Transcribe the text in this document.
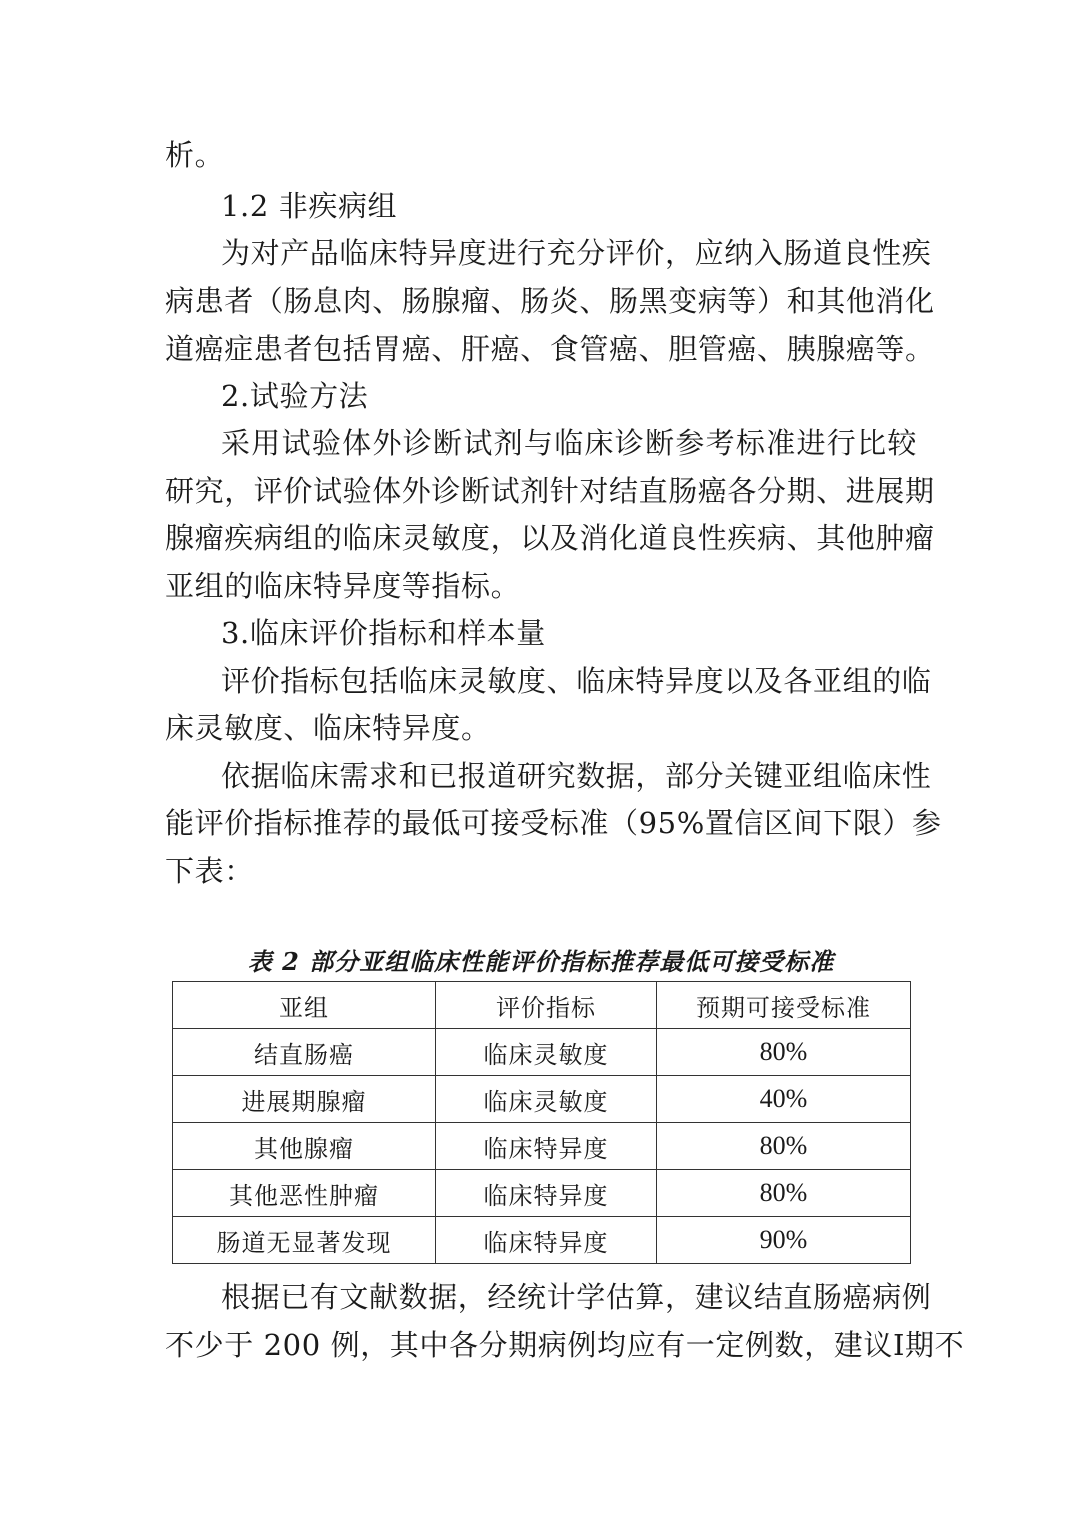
析。
1.2 非疾病组
为对产品临床特异度进行充分评价，应纳入肠道良性疾
病患者（肠息肉、肠腺瘤、肠炎、肠黑变病等）和其他消化
道癌症患者包括胃癌、肝癌、食管癌、胆管癌、胰腺癌等。
2.试验方法
采用试验体外诊断试剂与临床诊断参考标准进行比较
研究，评价试验体外诊断试剂针对结直肠癌各分期、进展期
腺瘤疾病组的临床灵敏度，以及消化道良性疾病、其他肿瘤
亚组的临床特异度等指标。
3.临床评价指标和样本量
评价指标包括临床灵敏度、临床特异度以及各亚组的临
床灵敏度、临床特异度。
依据临床需求和已报道研究数据，部分关键亚组临床性
能评价指标推荐的最低可接受标准（95%置信区间下限）参
下表：
表 2 部分亚组临床性能评价指标推荐最低可接受标准
亚组	评价指标	预期可接受标准
结直肠癌	临床灵敏度	80%
进展期腺瘤	临床灵敏度	40%
其他腺瘤	临床特异度	80%
其他恶性肿瘤	临床特异度	80%
肠道无显著发现	临床特异度	90%
根据已有文献数据，经统计学估算，建议结直肠癌病例
不少于 200 例，其中各分期病例均应有一定例数，建议I期不
